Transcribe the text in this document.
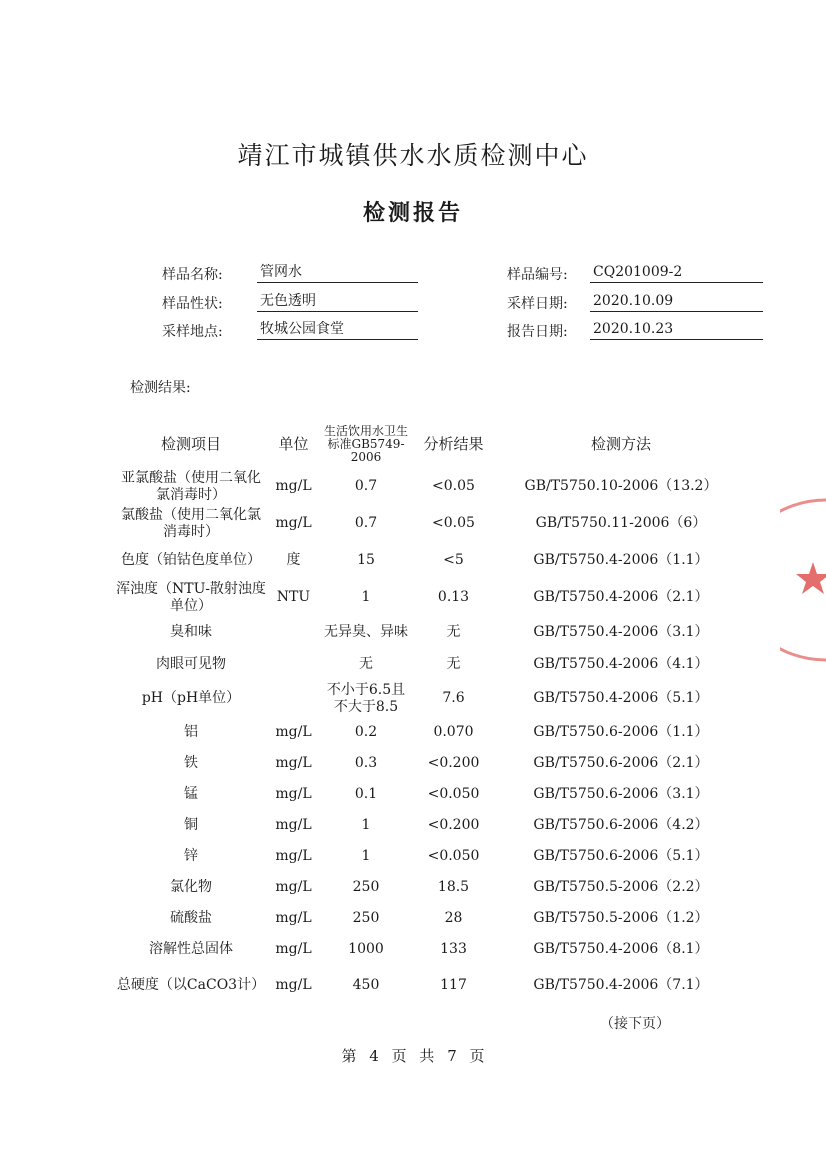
靖江市城镇供水水质检测中心
检测报告
样品名称:	管网水	样品编号: CQ201009-2
样品性状:	无色透明	采样日期: 2020.10.09
采样地点:	牧城公园食堂	报告日期: 2020.10.23
检测结果:
检测项目	单位	生活饮用水卫生标准GB5749-2006	分析结果	检测方法
亚氯酸盐（使用二氧化氯消毒时）	mg/L	0.7	<0.05	GB/T5750.10-2006（13.2）
氯酸盐（使用二氧化氯消毒时）	mg/L	0.7	<0.05	GB/T5750.11-2006（6）
色度（铂钴色度单位）	度	15	<5	GB/T5750.4-2006（1.1）
浑浊度（NTU-散射浊度单位）	NTU	1	0.13	GB/T5750.4-2006（2.1）
臭和味		无异臭、异味	无	GB/T5750.4-2006（3.1）
肉眼可见物		无	无	GB/T5750.4-2006（4.1）
pH（pH单位）		不小于6.5且不大于8.5	7.6	GB/T5750.4-2006（5.1）
铝	mg/L	0.2	0.070	GB/T5750.6-2006（1.1）
铁	mg/L	0.3	<0.200	GB/T5750.6-2006（2.1）
锰	mg/L	0.1	<0.050	GB/T5750.6-2006（3.1）
铜	mg/L	1	<0.200	GB/T5750.6-2006（4.2）
锌	mg/L	1	<0.050	GB/T5750.6-2006（5.1）
氯化物	mg/L	250	18.5	GB/T5750.5-2006（2.2）
硫酸盐	mg/L	250	28	GB/T5750.5-2006（1.2）
溶解性总固体	mg/L	1000	133	GB/T5750.4-2006（8.1）
总硬度（以CaCO3计）	mg/L	450	117	GB/T5750.4-2006（7.1）
（接下页）
第 4 页 共 7 页
